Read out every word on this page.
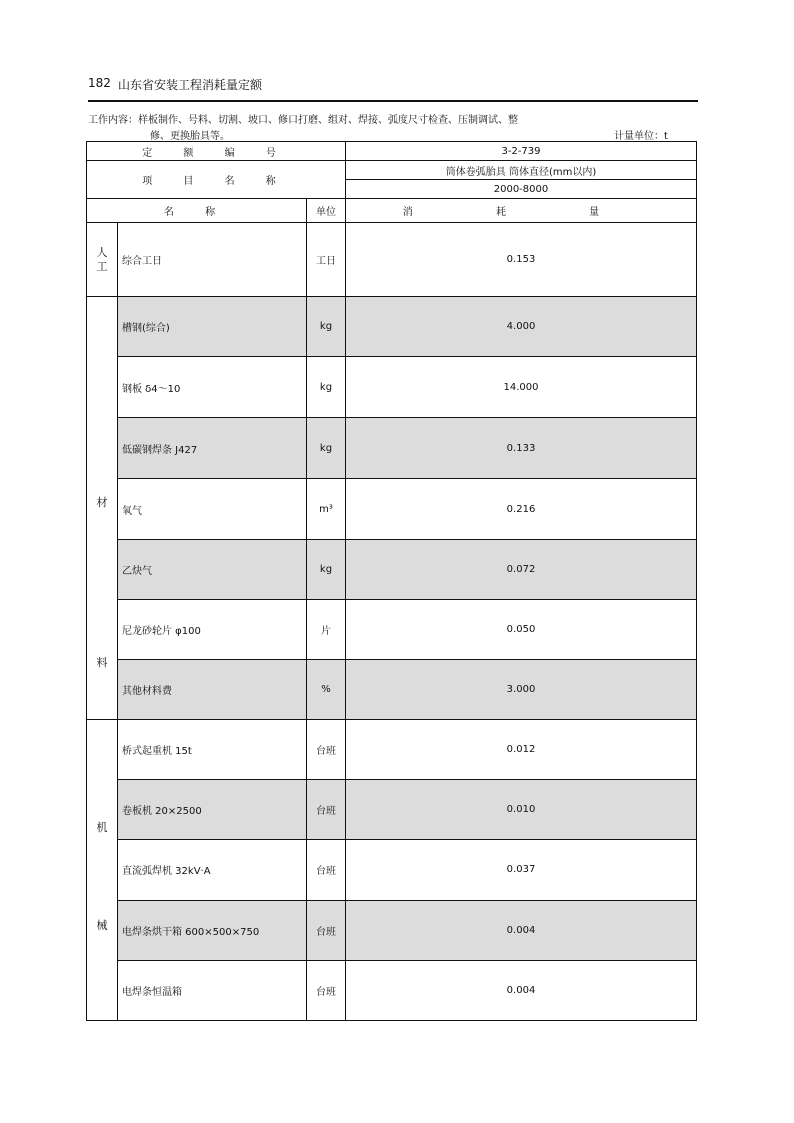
182 山东省安装工程消耗量定额
工作内容：样板制作、号料、切割、坡口、修口打磨、组对、焊接、弧度尺寸检查、压制调试、整
修、更换胎具等。	计量单位：t
定 额 编 号			3-2-739
项 目 名 称			筒体卷弧胎具 筒体直径(mm以内)
			2000-8000
名 称		单位	消 耗 量
人工	综合工日	工日	0.153

材
料	槽钢(综合)	kg	4.000
	钢板 δ4～10	kg	14.000
	低碳钢焊条 J427	kg	0.133
	氧气	m³	0.216
	乙炔气	kg	0.072
	尼龙砂轮片 φ100	片	0.050
	其他材料费	%	3.000

机
械	桥式起重机 15t	台班	0.012
	卷板机 20×2500	台班	0.010
	直流弧焊机 32kV·A	台班	0.037
	电焊条烘干箱 600×500×750	台班	0.004
	电焊条恒温箱	台班	0.004
